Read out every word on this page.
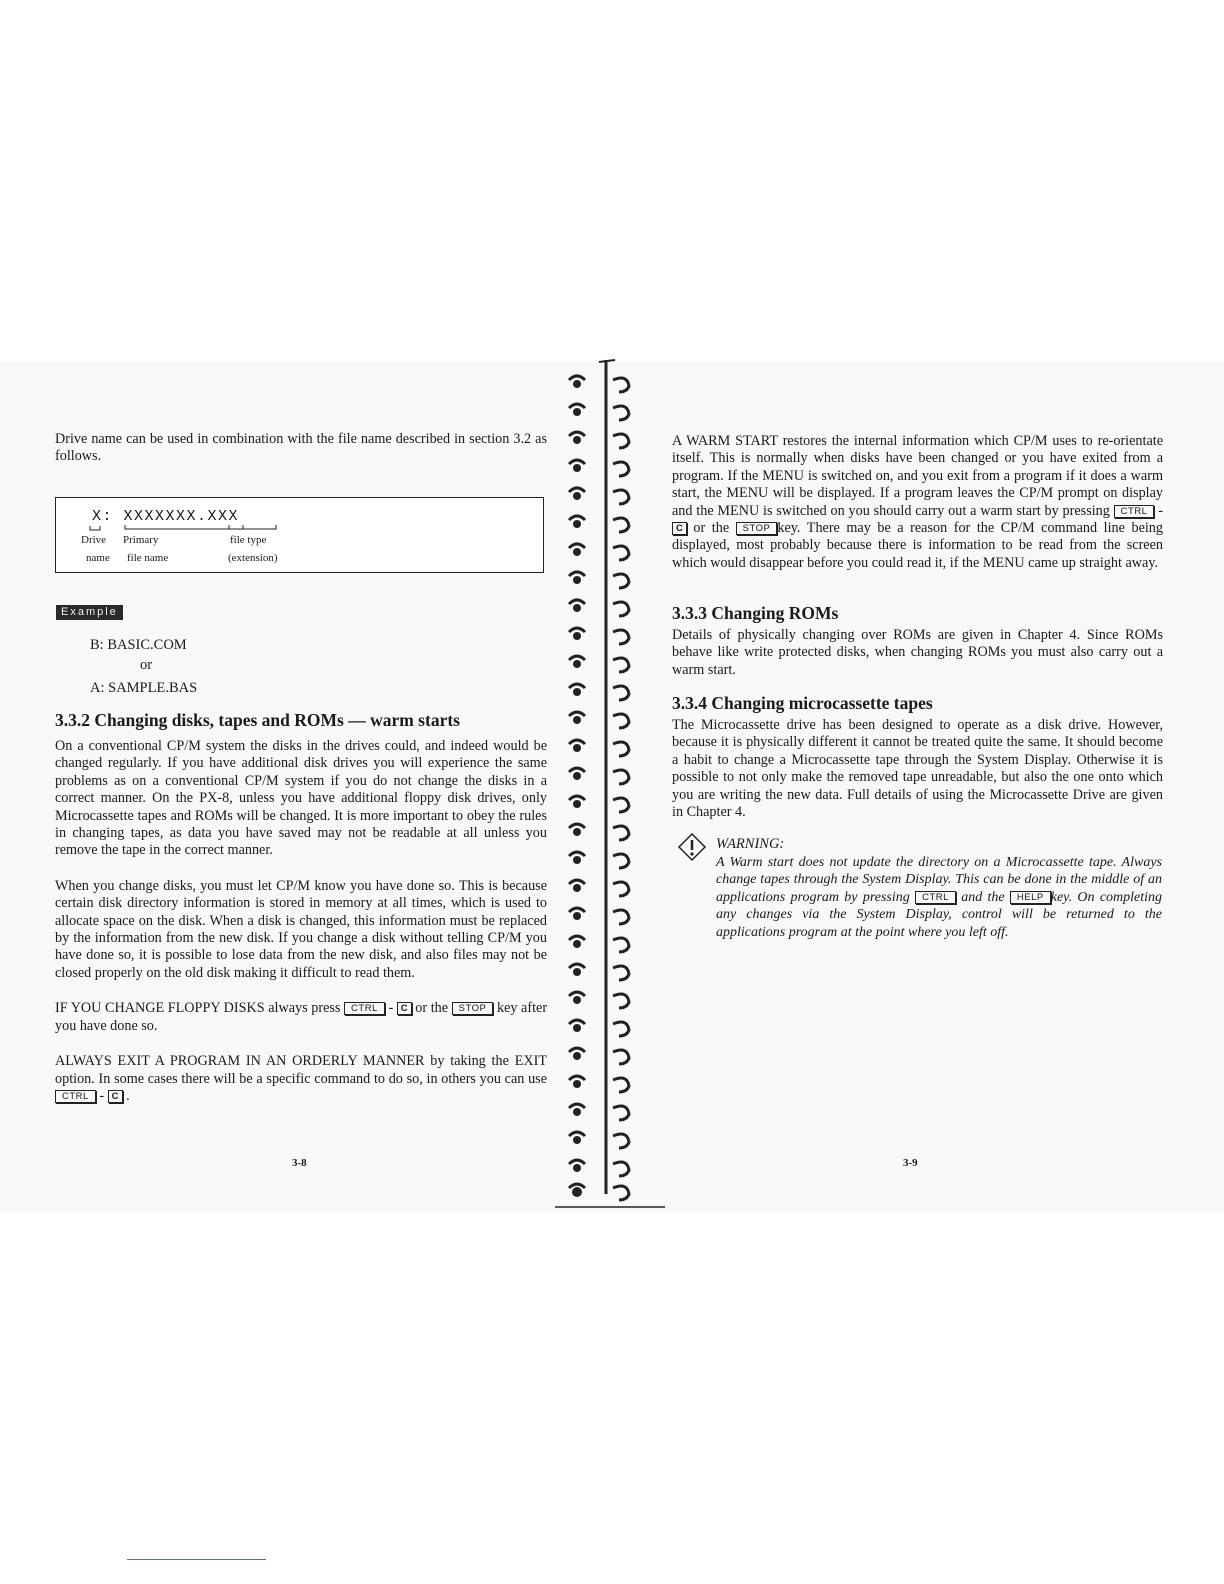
Drive name can be used in combination with the file name described in section 3.2 as follows.

X: XXXXXXX.XXX
Drive
name
Primary
file name
file type
(extension)
Example
B: BASIC.COM
or
A: SAMPLE.BAS
3.3.2 Changing disks, tapes and ROMs — warm starts

On a conventional CP/M system the disks in the drives could, and indeed would be changed regularly. If you have additional disk drives you will experience the same problems as on a conventional CP/M system if you do not change the disks in a correct manner. On the PX-8, unless you have additional floppy disk drives, only Microcassette tapes and ROMs will be changed. It is more important to obey the rules in changing tapes, as data you have saved may not be readable at all unless you remove the tape in the correct manner.

When you change disks, you must let CP/M know you have done so. This is because certain disk directory information is stored in memory at all times, which is used to allocate space on the disk. When a disk is changed, this information must be replaced by the information from the new disk. If you change a disk without telling CP/M you have done so, it is possible to lose data from the new disk, and also files may not be closed properly on the old disk making it difficult to read them.

IF YOU CHANGE FLOPPY DISKS always press CTRL - C or the STOP key after you have done so.

ALWAYS EXIT A PROGRAM IN AN ORDERLY MANNER by taking the EXIT option. In some cases there will be a specific command to do so, in others you can use CTRL - C .

3-8

A WARM START restores the internal information which CP/M uses to re-orientate itself. This is normally when disks have been changed or you have exited from a program. If the MENU is switched on, and you exit from a program if it does a warm start, the MENU will be displayed. If a program leaves the CP/M prompt on display and the MENU is switched on you should carry out a warm start by pressing CTRL - C or the STOP key. There may be a reason for the CP/M command line being displayed, most probably because there is information to be read from the screen which would disappear before you could read it, if the MENU came up straight away.

3.3.3 Changing ROMs

Details of physically changing over ROMs are given in Chapter 4. Since ROMs behave like write protected disks, when changing ROMs you must also carry out a warm start.

3.3.4 Changing microcassette tapes

The Microcassette drive has been designed to operate as a disk drive. However, because it is physically different it cannot be treated quite the same. It should become a habit to change a Microcassette tape through the System Display. Otherwise it is possible to not only make the removed tape unreadable, but also the one onto which you are writing the new data. Full details of using the Microcassette Drive are given in Chapter 4.

WARNING:
A Warm start does not update the directory on a Microcassette tape. Always change tapes through the System Display. This can be done in the middle of an applications program by pressing CTRL and the HELP key. On completing any changes via the System Display, control will be returned to the applications program at the point where you left off.
3-9
